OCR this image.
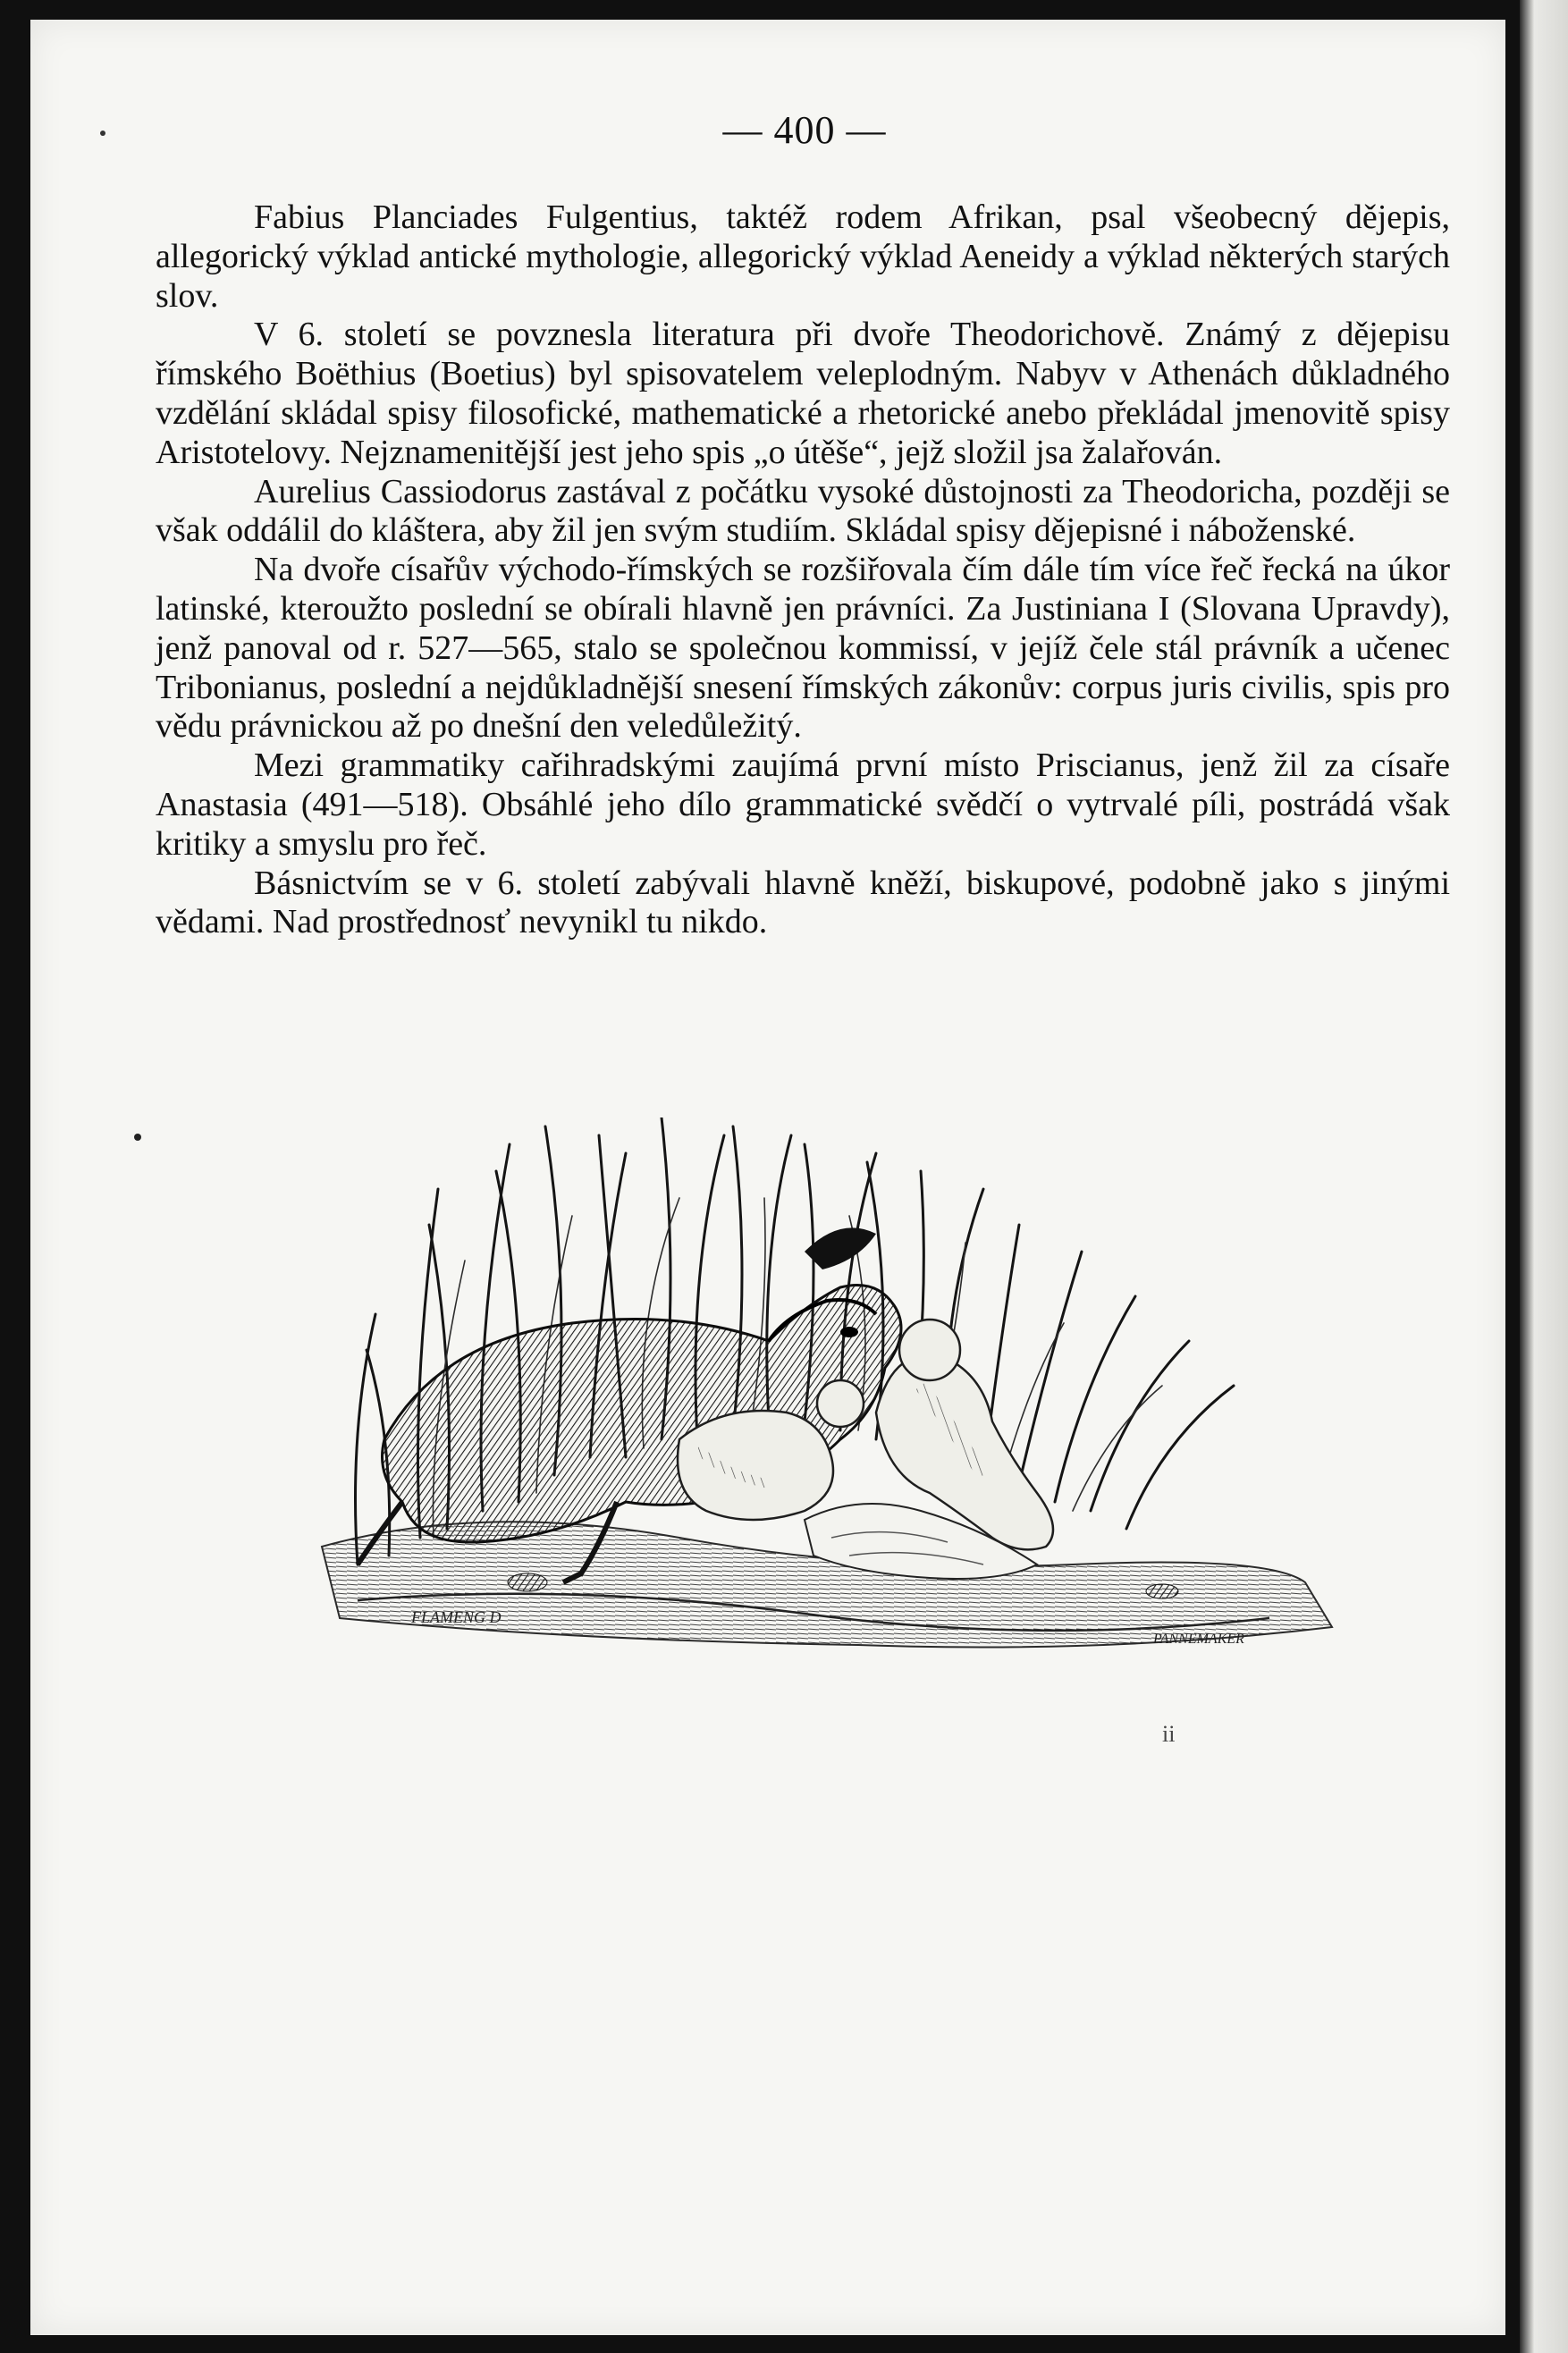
— 400 —

Fabius Planciades Fulgentius, taktéž rodem Afrikan, psal všeobecný dějepis, allegorický výklad antické mythologie, allegorický výklad Aeneidy a výklad některých starých slov.

V 6. století se povznesla literatura při dvoře Theodorichově. Známý z dějepisu římského Boëthius (Boetius) byl spisovatelem veleplodným. Nabyv v Athenách důkladného vzdělání skládal spisy filosofické, mathematické a rhetorické anebo překládal jmenovitě spisy Aristotelovy. Nejznamenitější jest jeho spis „o útěše“, jejž složil jsa žalařován.

Aurelius Cassiodorus zastával z počátku vysoké důstojnosti za Theodoricha, později se však oddálil do kláštera, aby žil jen svým studiím. Skládal spisy dějepisné i náboženské.

Na dvoře císařův východo-římských se rozšiřovala čím dále tím více řeč řecká na úkor latinské, kteroužto poslední se obírali hlavně jen právníci. Za Justiniana I (Slovana Upravdy), jenž panoval od r. 527—565, stalo se společnou kommissí, v jejíž čele stál právník a učenec Tribonianus, poslední a nejdůkladnější snesení římských zákonův: corpus juris civilis, spis pro vědu právnickou až po dnešní den veledůležitý.

Mezi grammatiky cařihradskými zaujímá první místo Priscianus, jenž žil za císaře Anastasia (491—518). Obsáhlé jeho dílo grammatické svědčí o vytrvalé píli, postrádá však kritiky a smyslu pro řeč.

Básnictvím se v 6. století zabývali hlavně kněží, biskupové, podobně jako s jinými vědami. Nad prostřednosť nevynikl tu nikdo.

FLAMENG D
PANNEMAKER
ii
